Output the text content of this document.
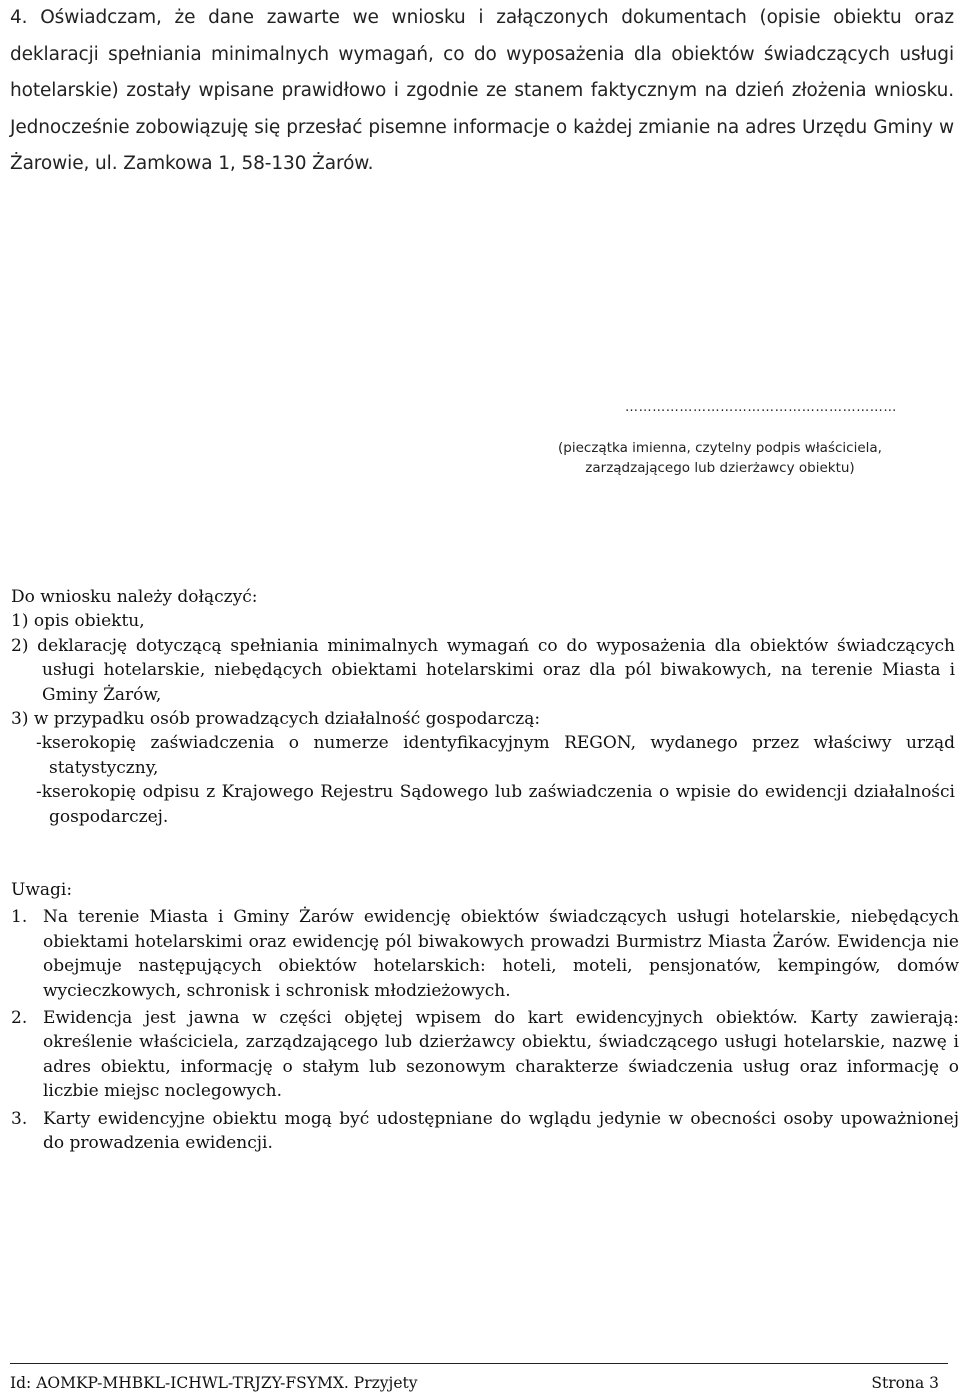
4. Oświadczam, że dane zawarte we wniosku i załączonych dokumentach (opisie obiektu oraz deklaracji spełniania minimalnych wymagań, co do wyposażenia dla obiektów świadczących usługi hotelarskie) zostały wpisane prawidłowo i zgodnie ze stanem faktycznym na dzień złożenia wniosku. Jednocześnie zobowiązuję się przesłać pisemne informacje o każdej zmianie na adres Urzędu Gminy w Żarowie, ul. Zamkowa 1, 58-130 Żarów.
……………………………………………………
(pieczątka imienna, czytelny podpis właściciela,
zarządzającego lub dzierżawcy obiektu)

Do wniosku należy dołączyć:

1) opis obiektu,

2) deklarację dotyczącą spełniania minimalnych wymagań co do wyposażenia dla obiektów świadczących usługi hotelarskie, niebędących obiektami hotelarskimi oraz dla pól biwakowych, na terenie Miasta i Gminy Żarów,

3) w przypadku osób prowadzących działalność gospodarczą:

-kserokopię zaświadczenia o numerze identyfikacyjnym REGON, wydanego przez właściwy urząd statystyczny,

-kserokopię odpisu z Krajowego Rejestru Sądowego lub zaświadczenia o wpisie do ewidencji działalności gospodarczej.

Uwagi:

1. Na terenie Miasta i Gminy Żarów ewidencję obiektów świadczących usługi hotelarskie, niebędących obiektami hotelarskimi oraz ewidencję pól biwakowych prowadzi Burmistrz Miasta Żarów. Ewidencja nie obejmuje następujących obiektów hotelarskich: hoteli, moteli, pensjonatów, kempingów, domów wycieczkowych, schronisk i schronisk młodzieżowych.

2. Ewidencja jest jawna w części objętej wpisem do kart ewidencyjnych obiektów. Karty zawierają: określenie właściciela, zarządzającego lub dzierżawcy obiektu, świadczącego usługi hotelarskie, nazwę i adres obiektu, informację o stałym lub sezonowym charakterze świadczenia usług oraz informację o liczbie miejsc noclegowych.

3. Karty ewidencyjne obiektu mogą być udostępniane do wglądu jedynie w obecności osoby upoważnionej do prowadzenia ewidencji.

Id: AOMKP-MHBKL-ICHWL-TRJZY-FSYMX. Przyjety	Strona 3
